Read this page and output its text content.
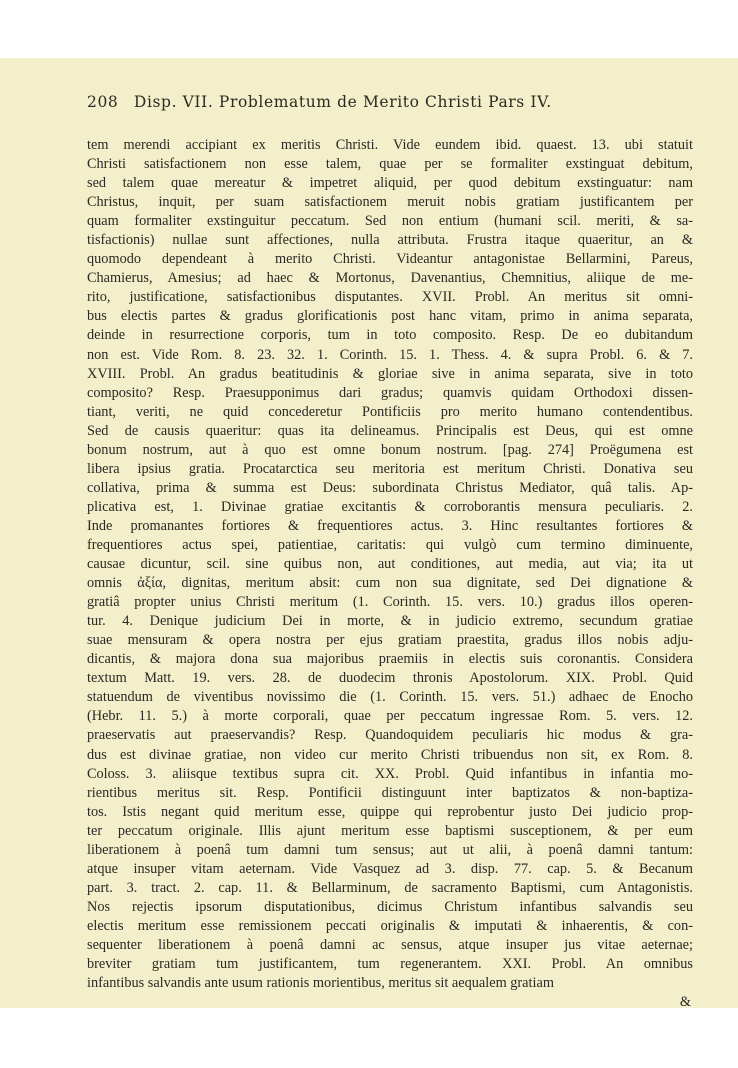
208 Disp. VII. Problematum de Merito Christi Pars IV.
tem merendi accipiant ex meritis Christi. Vide eundem ibid. quaest. 13. ubi statuit
Christi satisfactionem non esse talem, quae per se formaliter exstinguat debitum,
sed talem quae mereatur & impetret aliquid, per quod debitum exstinguatur: nam
Christus, inquit, per suam satisfactionem meruit nobis gratiam justificantem per
quam formaliter exstinguitur peccatum. Sed non entium (humani scil. meriti, & sa-
tisfactionis) nullae sunt affectiones, nulla attributa. Frustra itaque quaeritur, an &
quomodo dependeant à merito Christi. Videantur antagonistae Bellarmini, Pareus,
Chamierus, Amesius; ad haec & Mortonus, Davenantius, Chemnitius, aliique de me-
rito, justificatione, satisfactionibus disputantes. XVII. Probl. An meritus sit omni-
bus electis partes & gradus glorificationis post hanc vitam, primo in anima separata,
deinde in resurrectione corporis, tum in toto composito. Resp. De eo dubitandum
non est. Vide Rom. 8. 23. 32. 1. Corinth. 15. 1. Thess. 4. & supra Probl. 6. & 7.
XVIII. Probl. An gradus beatitudinis & gloriae sive in anima separata, sive in toto
composito? Resp. Praesupponimus dari gradus; quamvis quidam Orthodoxi dissen-
tiant, veriti, ne quid concederetur Pontificiis pro merito humano contendentibus.
Sed de causis quaeritur: quas ita delineamus. Principalis est Deus, qui est omne
bonum nostrum, aut à quo est omne bonum nostrum. [pag. 274] Proëgumena est
libera ipsius gratia. Procatarctica seu meritoria est meritum Christi. Donativa seu
collativa, prima & summa est Deus: subordinata Christus Mediator, quâ talis. Ap-
plicativa est, 1. Divinae gratiae excitantis & corroborantis mensura peculiaris. 2.
Inde promanantes fortiores & frequentiores actus. 3. Hinc resultantes fortiores &
frequentiores actus spei, patientiae, caritatis: qui vulgò cum termino diminuente,
causae dicuntur, scil. sine quibus non, aut conditiones, aut media, aut via; ita ut
omnis ἀξία, dignitas, meritum absit: cum non sua dignitate, sed Dei dignatione &
gratiâ propter unius Christi meritum (1. Corinth. 15. vers. 10.) gradus illos operen-
tur. 4. Denique judicium Dei in morte, & in judicio extremo, secundum gratiae
suae mensuram & opera nostra per ejus gratiam praestita, gradus illos nobis adju-
dicantis, & majora dona sua majoribus praemiis in electis suis coronantis. Considera
textum Matt. 19. vers. 28. de duodecim thronis Apostolorum. XIX. Probl. Quid
statuendum de viventibus novissimo die (1. Corinth. 15. vers. 51.) adhaec de Enocho
(Hebr. 11. 5.) à morte corporali, quae per peccatum ingressae Rom. 5. vers. 12.
praeservatis aut praeservandis? Resp. Quandoquidem peculiaris hic modus & gra-
dus est divinae gratiae, non video cur merito Christi tribuendus non sit, ex Rom. 8.
Coloss. 3. aliisque textibus supra cit. XX. Probl. Quid infantibus in infantia mo-
rientibus meritus sit. Resp. Pontificii distinguunt inter baptizatos & non-baptiza-
tos. Istis negant quid meritum esse, quippe qui reprobentur justo Dei judicio prop-
ter peccatum originale. Illis ajunt meritum esse baptismi susceptionem, & per eum
liberationem à poenâ tum damni tum sensus; aut ut alii, à poenâ damni tantum:
atque insuper vitam aeternam. Vide Vasquez ad 3. disp. 77. cap. 5. & Becanum
part. 3. tract. 2. cap. 11. & Bellarminum, de sacramento Baptismi, cum Antagonistis.
Nos rejectis ipsorum disputationibus, dicimus Christum infantibus salvandis seu
electis meritum esse remissionem peccati originalis & imputati & inhaerentis, & con-
sequenter liberationem à poenâ damni ac sensus, atque insuper jus vitae aeternae;
breviter gratiam tum justificantem, tum regenerantem. XXI. Probl. An omnibus
infantibus salvandis ante usum rationis morientibus, meritus sit aequalem gratiam
&
